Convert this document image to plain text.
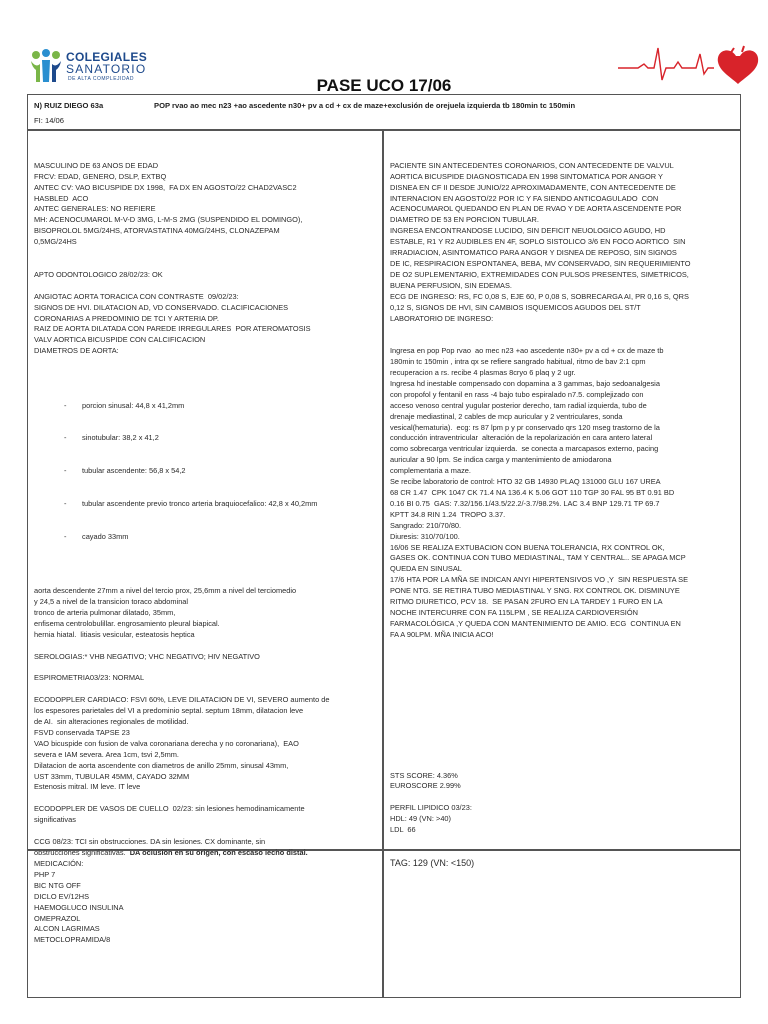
COLEGIALES
SANATORIO
DE ALTA COMPLEJIDAD	PASE UCO 17/06
N) RUIZ DIEGO 63a	POP rvao ao mec n23 +ao ascedente n30+ pv a cd + cx de maze+exclusión de orejuela izquierda tb 180min tc 150min
FI: 14/06

MASCULINO DE 63 ANOS DE EDAD
FRCV: EDAD, GENERO, DSLP, EXTBQ
ANTEC CV: VAO BICUSPIDE DX 1998,  FA DX EN AGOSTO/22 CHAD2VASC2
HASBLED  ACO
ANTEC GENERALES: NO REFIERE
MH: ACENOCUMAROL M-V-D 3MG, L-M-S 2MG (SUSPENDIDO EL DOMINGO),
BISOPROLOL 5MG/24HS, ATORVASTATINA 40MG/24HS, CLONAZEPAM
0,5MG/24HS

APTO ODONTOLOGICO 28/02/23: OK

ANGIOTAC AORTA TORACICA CON CONTRASTE  09/02/23:
SIGNOS DE HVI. DILATACION AD, VD CONSERVADO. CLACIFICACIONES
CORONARIAS A PREDOMINIO DE TCI Y ARTERIA DP.
RAIZ DE AORTA DILATADA CON PAREDE IRREGULARES  POR ATEROMATOSIS
VALV AORTICA BICUSPIDE CON CALCIFICACION
DIAMETROS DE AORTA:

- porcion sinusal: 44,8 x 41,2mm

- sinotubular: 38,2 x 41,2

- tubular ascendente: 56,8 x 54,2

- tubular ascendente previo tronco arteria braquiocefalico: 42,8 x 40,2mm

- cayado 33mm

aorta descendente 27mm a nivel del tercio prox, 25,6mm a nivel del terciomedio
y 24,5 a nivel de la transicion toraco abdominal
tronco de arteria pulmonar dilatado, 35mm,
enfisema centrolobulillar. engrosamiento pleural biapical.
hernia hiatal.  litiasis vesicular, esteatosis heptica

SEROLOGIAS:* VHB NEGATIVO; VHC NEGATIVO; HIV NEGATIVO

ESPIROMETRIA03/23: NORMAL

ECODOPPLER CARDIACO: FSVI 60%, LEVE DILATACION DE VI, SEVERO aumento de
los espesores parietales del VI a predominio septal. septum 18mm, dilatacion leve
de AI.  sin alteraciones regionales de motilidad.
FSVD conservada TAPSE 23
VAO bicuspide con fusion de valva coronariana derecha y no coronariana),  EAO
severa e IAM severa. Area 1cm, tsvi 2,5mm.
Dilatacion de aorta ascendente con diametros de anillo 25mm, sinusal 43mm,
UST 33mm, TUBULAR 45MM, CAYADO 32MM
Estenosis mitral. IM leve. IT leve

ECODOPPLER DE VASOS DE CUELLO  02/23: sin lesiones hemodinamicamente
significativas

CCG 08/23: TCI sin obstrucciones. DA sin lesiones. CX dominante, sin
obstrucciones significativas.  DA oclusion en su origen, con escaso lecho distal.

PACIENTE SIN ANTECEDENTES CORONARIOS, CON ANTECEDENTE DE VALVUL
AORTICA BICUSPIDE DIAGNOSTICADA EN 1998 SINTOMATICA POR ANGOR Y
DISNEA EN CF II DESDE JUNIO/22 APROXIMADAMENTE, CON ANTECEDENTE DE
INTERNACION EN AGOSTO/22 POR IC Y FA SIENDO ANTICOAGULADO  CON
ACENOCUMAROL QUEDANDO EN PLAN DE RVAO Y DE AORTA ASCENDENTE POR
DIAMETRO DE 53 EN PORCION TUBULAR.
INGRESA ENCONTRANDOSE LUCIDO, SIN DEFICIT NEUOLOGICO AGUDO, HD
ESTABLE, R1 Y R2 AUDIBLES EN 4F, SOPLO SISTOLICO 3/6 EN FOCO AORTICO  SIN
IRRADIACION, ASINTOMATICO PARA ANGOR Y DISNEA DE REPOSO, SIN SIGNOS
DE IC, RESPIRACION ESPONTANEA, BEBA, MV CONSERVADO, SIN REQUERIMIENTO
DE O2 SUPLEMENTARIO, EXTREMIDADES CON PULSOS PRESENTES, SIMETRICOS,
BUENA PERFUSION, SIN EDEMAS.
ECG DE INGRESO: RS, FC 0,08 S, EJE 60, P 0,08 S, SOBRECARGA AI, PR 0,16 S, QRS
0,12 S, SIGNOS DE HVI, SIN CAMBIOS ISQUEMICOS AGUDOS DEL ST/T
LABORATORIO DE INGRESO:

Ingresa en pop Pop rvao  ao mec n23 +ao ascedente n30+ pv a cd + cx de maze tb
180min tc 150min , intra qx se refiere sangrado habitual, ritmo de bav 2:1 cpm
recuperacion a rs. recibe 4 plasmas 8cryo 6 plaq y 2 ugr.
Ingresa hd inestable compensado con dopamina a 3 gammas, bajo sedoanalgesia
con propofol y fentanil en rass -4 bajo tubo espiralado n7.5. complejizado con
acceso venoso central yugular posterior derecho, tam radial izquierda, tubo de
drenaje mediastinal, 2 cables de mcp auricular y 2 ventriculares, sonda
vesical(hematuria).  ecg: rs 87 lpm p y pr conservado qrs 120 mseg trastorno de la
conducción intraventricular  alteración de la repolarización en cara antero lateral
como sobrecarga ventricular izquierda.  se conecta a marcapasos externo, pacing
auricular a 90 lpm. Se indica carga y mantenimiento de amiodarona
complementaria a maze.
Se recibe laboratorio de control: HTO 32 GB 14930 PLAQ 131000 GLU 167 UREA
68 CR 1.47  CPK 1047 CK 71.4 NA 136.4 K 5.06 GOT 110 TGP 30 FAL 95 BT 0.91 BD
0.16 BI 0.75  GAS: 7.32/156.1/43.5/22.2/-3.7/98.2%. LAC 3.4 BNP 129.71 TP 69.7
KPTT 34.8 RIN 1.24  TROPO 3.37.
Sangrado: 210/70/80.
Diuresis: 310/70/100.
16/06 SE REALIZA EXTUBACION CON BUENA TOLERANCIA, RX CONTROL OK,
GASES OK. CONTINUA CON TUBO MEDIASTINAL, TAM Y CENTRAL.. SE APAGA MCP
QUEDA EN SINUSAL
17/6 HTA POR LA MÑA SE INDICAN ANYI HIPERTENSIVOS VO ,Y  SIN RESPUESTA SE
PONE NTG. SE RETIRA TUBO MEDIASTINAL Y SNG. RX CONTROL OK. DISMINUYE
RITMO DIURETICO, PCV 18.  SE PASAN 2FURO EN LA TARDEY 1 FURO EN LA
NOCHE INTERCURRE CON FA 115LPM , SE REALIZA CARDIOVERSIÓN
FARMACOLÓGICA ,Y QUEDA CON MANTENIMIENTO DE AMIO. ECG  CONTINUA EN
FA A 90LPM. MÑA INICIA ACO!

STS SCORE: 4.36%
EUROSCORE 2.99%

PERFIL LIPIDICO 03/23:
HDL: 49 (VN: >40)
LDL  66

TAG: 129 (VN: <150)

MEDICACIÓN:
PHP 7
BIC NTG OFF
DICLO EV/12HS
HAEMOGLUCO INSULINA
OMEPRAZOL
ALCON LAGRIMAS
METOCLOPRAMIDA/8
